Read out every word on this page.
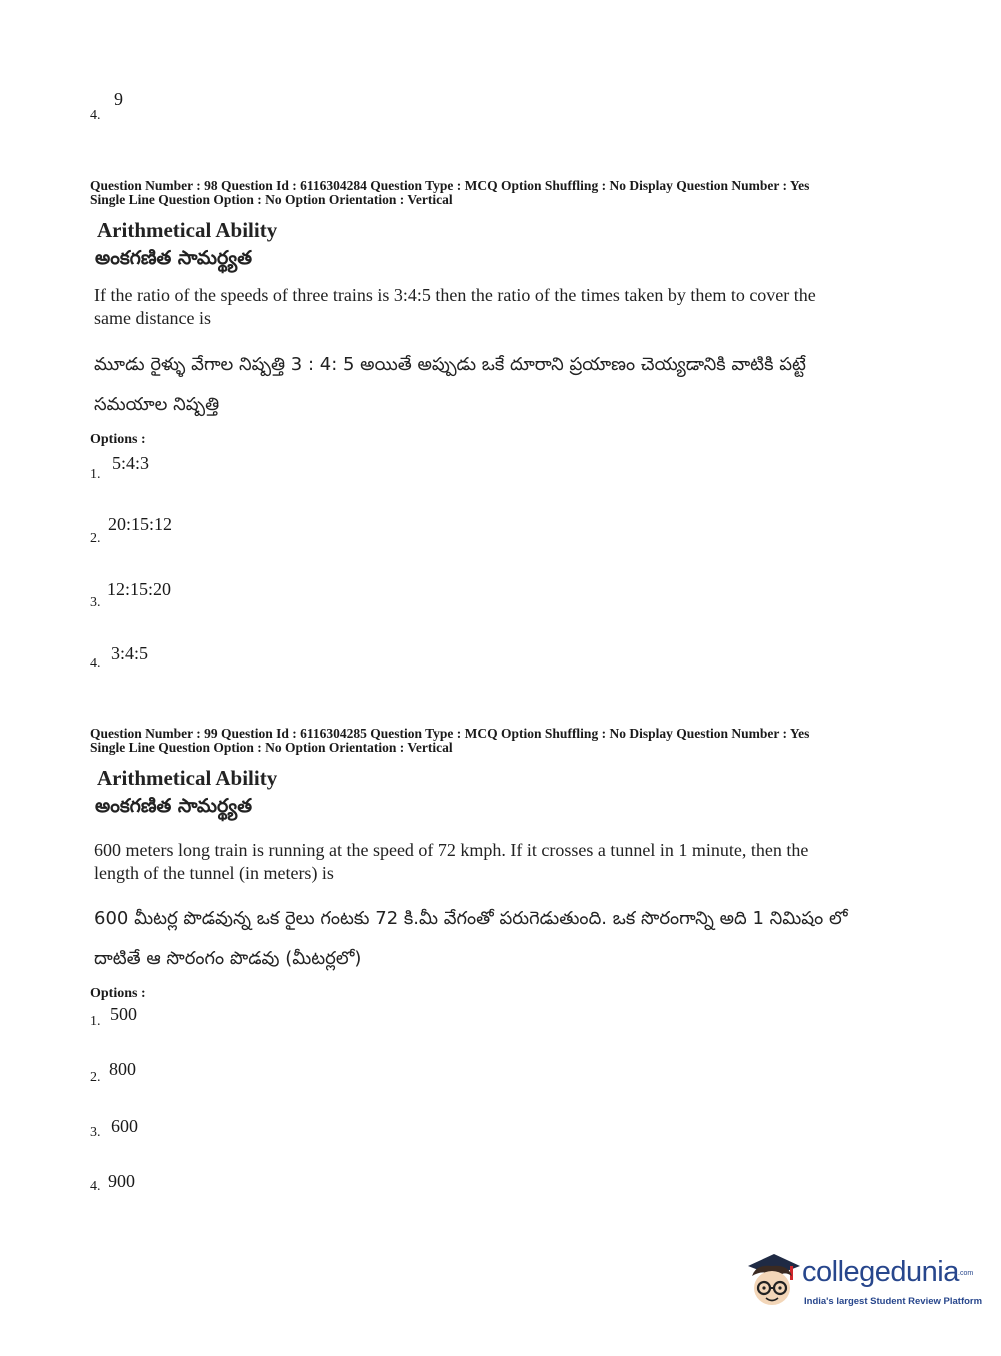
4.
9
Question Number : 98 Question Id : 6116304284 Question Type : MCQ Option Shuffling : No Display Question Number : Yes
Single Line Question Option : No Option Orientation : Vertical
Arithmetical Ability
అంకగణిత సామర్థ్యత
If the ratio of the speeds of three trains is 3:4:5 then the ratio of the times taken by them to cover the same distance is
మూడు రైళ్ళు వేగాల నిష్పత్తి 3 : 4: 5 అయితే అప్పుడు ఒకే దూరాని ప్రయాణం చెయ్యడానికి వాటికి పట్టే సమయాల నిష్పత్తి
Options :
1.
5:4:3
2.
20:15:12
3.
12:15:20
4.
3:4:5
Question Number : 99 Question Id : 6116304285 Question Type : MCQ Option Shuffling : No Display Question Number : Yes
Single Line Question Option : No Option Orientation : Vertical
Arithmetical Ability
అంకగణిత సామర్థ్యత
600 meters long train is running at the speed of 72 kmph. If it crosses a tunnel in 1 minute, then the length of the tunnel (in meters) is
600 మీటర్ల పొడవున్న ఒక రైలు గంటకు 72 కి.మీ వేగంతో పరుగెడుతుంది. ఒక సొరంగాన్ని అది 1 నిమిషం లో దాటితే ఆ సొరంగం పొడవు (మీటర్లలో)
Options :
1. 500
2. 800
3. 600
4. 900
collegedunia .com
India's largest Student Review Platform
